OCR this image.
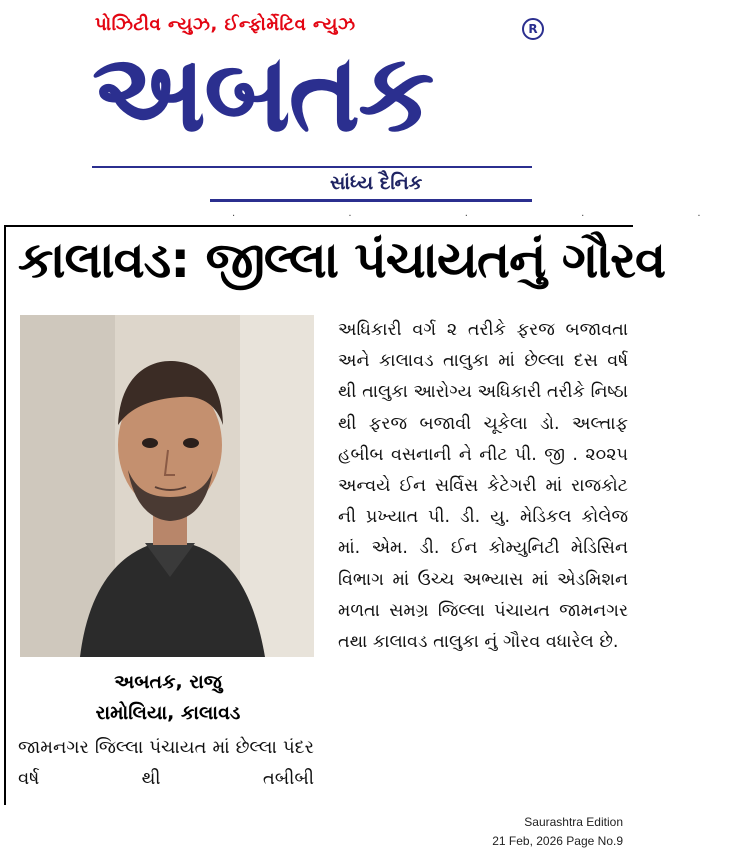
પોઝિટીવ ન્યુઝ, ઈન્ફોર્મેટિવ ન્યુઝ	R
અબતક
સાંધ્ય દૈનિક
· · · · ·
કાલાવડ: જીલ્લા પંચાયતનું ગૌરવ
અબતક, રાજુ
રામોલિયા, કાલાવડ
જામનગર જિલ્લા પંચાયત માં છેલ્લા પંદર વર્ષ થી તબીબી

અધિકારી વર્ગ ૨ તરીકે ફરજ બજાવતા અને કાલાવડ તાલુકા માં છેલ્લા દસ વર્ષ થી તાલુકા આરોગ્ય અધિકારી તરીકે નિષ્ઠા થી ફરજ બજાવી ચૂકેલા ડો. અલ્તાફ હબીબ વસનાની ને નીટ પી. જી . ૨૦૨૫ અન્વયે ઈન સર્વિસ કેટેગરી માં રાજકોટ ની પ્રખ્યાત પી. ડી. યુ. મેડિકલ કોલેજ માં. એમ. ડી. ઈન કોમ્યુનિટી મેડિસિન વિભાગ માં ઉચ્ચ અભ્યાસ માં એડમિશન મળતા સમગ્ર જિલ્લા પંચાયત જામનગર તથા કાલાવડ તાલુકા નું ગૌરવ વધારેલ છે.

Saurashtra Edition
21 Feb, 2026 Page No.9
